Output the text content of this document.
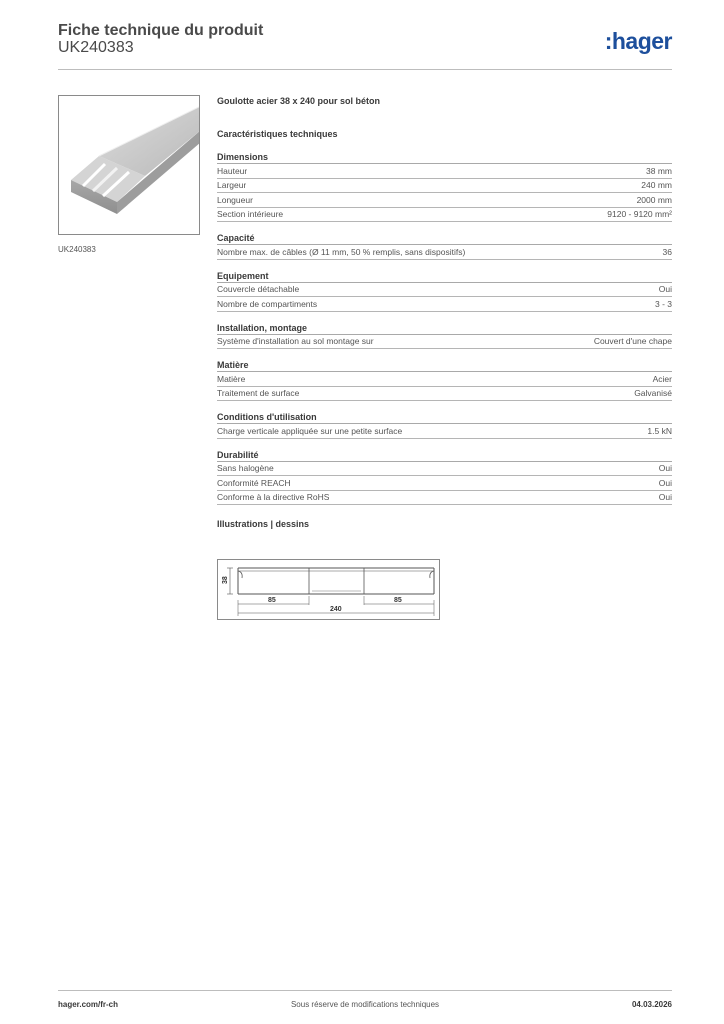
Fiche technique du produit
UK240383	:hager
UK240383
Goulotte acier 38 x 240 pour sol béton
Caractéristiques techniques
Dimensions
Hauteur	38 mm
Largeur	240 mm
Longueur	2000 mm
Section intérieure	9120 - 9120 mm²
Capacité
Nombre max. de câbles (Ø 11 mm, 50 % remplis, sans dispositifs)	36
Equipement
Couvercle détachable	Oui
Nombre de compartiments	3 - 3
Installation, montage
Système d'installation au sol montage sur	Couvert d'une chape
Matière
Matière	Acier
Traitement de surface	Galvanisé
Conditions d'utilisation
Charge verticale appliquée sur une petite surface	1.5 kN
Durabilité
Sans halogène	Oui
Conformité REACH	Oui
Conforme à la directive RoHS	Oui
Illustrations | dessins
38
85	85
240
hager.com/fr-ch	Sous réserve de modifications techniques	04.03.2026
